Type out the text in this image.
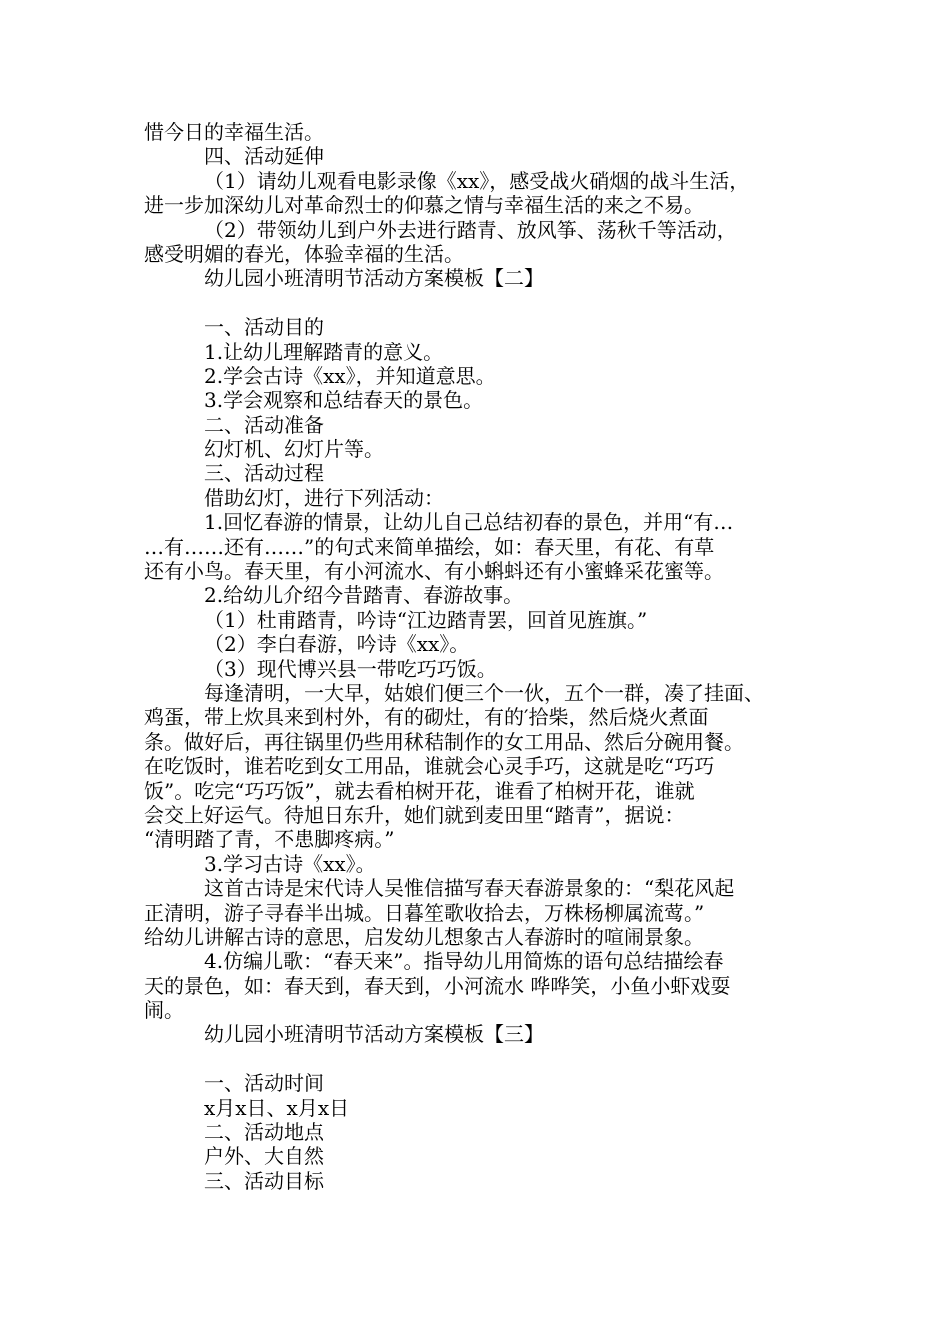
惜今日的幸福生活。
四、活动延伸
（1）请幼儿观看电影录像《xx》，感受战火硝烟的战斗生活，
进一步加深幼儿对革命烈士的仰慕之情与幸福生活的来之不易。
（2）带领幼儿到户外去进行踏青、放风筝、荡秋千等活动，
感受明媚的春光，体验幸福的生活。
幼儿园小班清明节活动方案模板【二】
一、活动目的
1.让幼儿理解踏青的意义。
2.学会古诗《xx》，并知道意思。
3.学会观察和总结春天的景色。
二、活动准备
幻灯机、幻灯片等。
三、活动过程
借助幻灯，进行下列活动：
1.回忆春游的情景，让幼儿自己总结初春的景色，并用“有…
…有……还有……”的句式来简单描绘，如：春天里，有花、有草
还有小鸟。春天里，有小河流水、有小蝌蚪还有小蜜蜂采花蜜等。
2.给幼儿介绍今昔踏青、春游故事。
（1）杜甫踏青，吟诗“江边踏青罢，回首见旌旗。”
（2）李白春游，吟诗《xx》。
（3）现代博兴县一带吃巧巧饭。
每逢清明，一大早，姑娘们便三个一伙，五个一群，凑了挂面、
鸡蛋，带上炊具来到村外，有的砌灶，有的′拾柴，然后烧火煮面
条。做好后，再往锅里仍些用秫秸制作的女工用品、然后分碗用餐。
在吃饭时，谁若吃到女工用品，谁就会心灵手巧，这就是吃“巧巧
饭”。吃完“巧巧饭”，就去看柏树开花，谁看了柏树开花，谁就
会交上好运气。待旭日东升，她们就到麦田里“踏青”，据说：
“清明踏了青，不患脚疼病。”
3.学习古诗《xx》。
这首古诗是宋代诗人吴惟信描写春天春游景象的：“梨花风起
正清明，游子寻春半出城。日暮笙歌收拾去，万株杨柳属流莺。”
给幼儿讲解古诗的意思，启发幼儿想象古人春游时的喧闹景象。
4.仿编儿歌：“春天来”。指导幼儿用简炼的语句总结描绘春
天的景色，如：春天到，春天到，小河流水 哗哗笑，小鱼小虾戏耍
闹。
幼儿园小班清明节活动方案模板【三】
一、活动时间
x月x日、x月x日
二、活动地点
户外、大自然
三、活动目标
